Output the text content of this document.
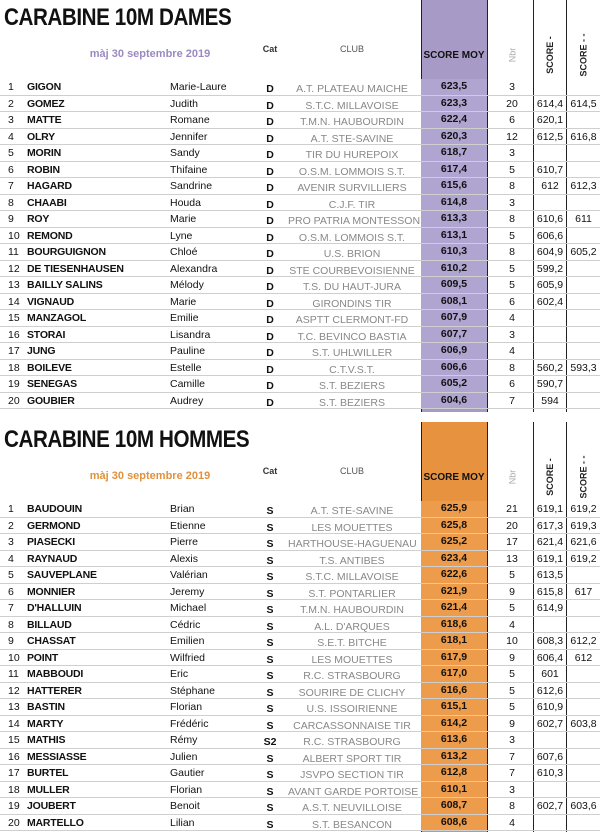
CARABINE 10M DAMES
màj 30 septembre 2019	Cat	CLUB
SCORE MOY Nbr	SCORE -	SCORE - -
1 GIGON	Marie-Laure	D	A.T. PLATEAU MAICHE	623,5	3
2 GOMEZ	Judith	D	S.T.C. MILLAVOISE	623,3	20	614,4 614,5
3 MATTE	Romane	D	T.M.N. HAUBOURDIN	622,4	6	620,1
4 OLRY	Jennifer	D	A.T. STE-SAVINE	620,3	12	612,5 616,8
5 MORIN	Sandy	D	TIR DU HUREPOIX	618,7	3
6 ROBIN	Thifaine	D	O.S.M. LOMMOIS S.T.	617,4	5	610,7
7 HAGARD	Sandrine	D	AVENIR SURVILLIERS	615,6	8	612	612,3
8 CHAABI	Houda	D	C.J.F. TIR	614,8	3
9 ROY	Marie	D	PRO PATRIA MONTESSON	613,3	8	610,6	611
10 REMOND	Lyne	D	O.S.M. LOMMOIS S.T.	613,1	5	606,6
11 BOURGUIGNON	Chloé	D	U.S. BRION	610,3	8	604,9 605,2
12 DE TIESENHAUSEN	Alexandra	D	STE COURBEVOISIENNE	610,2	5	599,2
13 BAILLY SALINS	Mélody	D	T.S. DU HAUT-JURA	609,5	5	605,9
14 VIGNAUD	Marie	D	GIRONDINS TIR	608,1	6	602,4
15 MANZAGOL	Emilie	D	ASPTT CLERMONT-FD	607,9	4
16 STORAI	Lisandra	D	T.C. BEVINCO BASTIA	607,7	3
17 JUNG	Pauline	D	S.T. UHLWILLER	606,9	4
18 BOILEVE	Estelle	D	C.T.V.S.T.	606,6	8	560,2 593,3
19 SENEGAS	Camille	D	S.T. BEZIERS	605,2	6	590,7
20 GOUBIER	Audrey	D	S.T. BEZIERS	604,6	7	594
CARABINE 10M HOMMES
màj 30 septembre 2019	Cat	CLUB
SCORE MOY Nbr	SCORE -	SCORE - -
1 BAUDOUIN	Brian	S	A.T. STE-SAVINE	625,9	21	619,1 619,2
2 GERMOND	Etienne	S	LES MOUETTES	625,8	20	617,3 619,3
3 PIASECKI	Pierre	S	HARTHOUSE-HAGUENAU	625,2	17	621,4 621,6
4 RAYNAUD	Alexis	S	T.S. ANTIBES	623,4	13	619,1 619,2
5 SAUVEPLANE	Valérian	S	S.T.C. MILLAVOISE	622,6	5	613,5
6 MONNIER	Jeremy	S	S.T. PONTARLIER	621,9	9	615,8	617
7 D'HALLUIN	Michael	S	T.M.N. HAUBOURDIN	621,4	5	614,9
8 BILLAUD	Cédric	S	A.L. D'ARQUES	618,6	4
9 CHASSAT	Emilien	S	S.E.T. BITCHE	618,1	10	608,3 612,2
10 POINT	Wilfried	S	LES MOUETTES	617,9	9	606,4	612
11 MABBOUDI	Eric	S	R.C. STRASBOURG	617,0	5	601
12 HATTERER	Stéphane	S	SOURIRE DE CLICHY	616,6	5	612,6
13 BASTIN	Florian	S	U.S. ISSOIRIENNE	615,1	5	610,9
14 MARTY	Frédéric	S	CARCASSONNAISE TIR	614,2	9	602,7 603,8
15 MATHIS	Rémy	S2	R.C. STRASBOURG	613,6	3
16 MESSIASSE	Julien	S	ALBERT SPORT TIR	613,2	7	607,6
17 BURTEL	Gautier	S	JSVPO SECTION TIR	612,8	7	610,3
18 MULLER	Florian	S	AVANT GARDE PORTOISE	610,1	3
19 JOUBERT	Benoit	S	A.S.T. NEUVILLOISE	608,7	8	602,7 603,6
20 MARTELLO	Lilian	S	S.T. BESANCON	608,6	4
